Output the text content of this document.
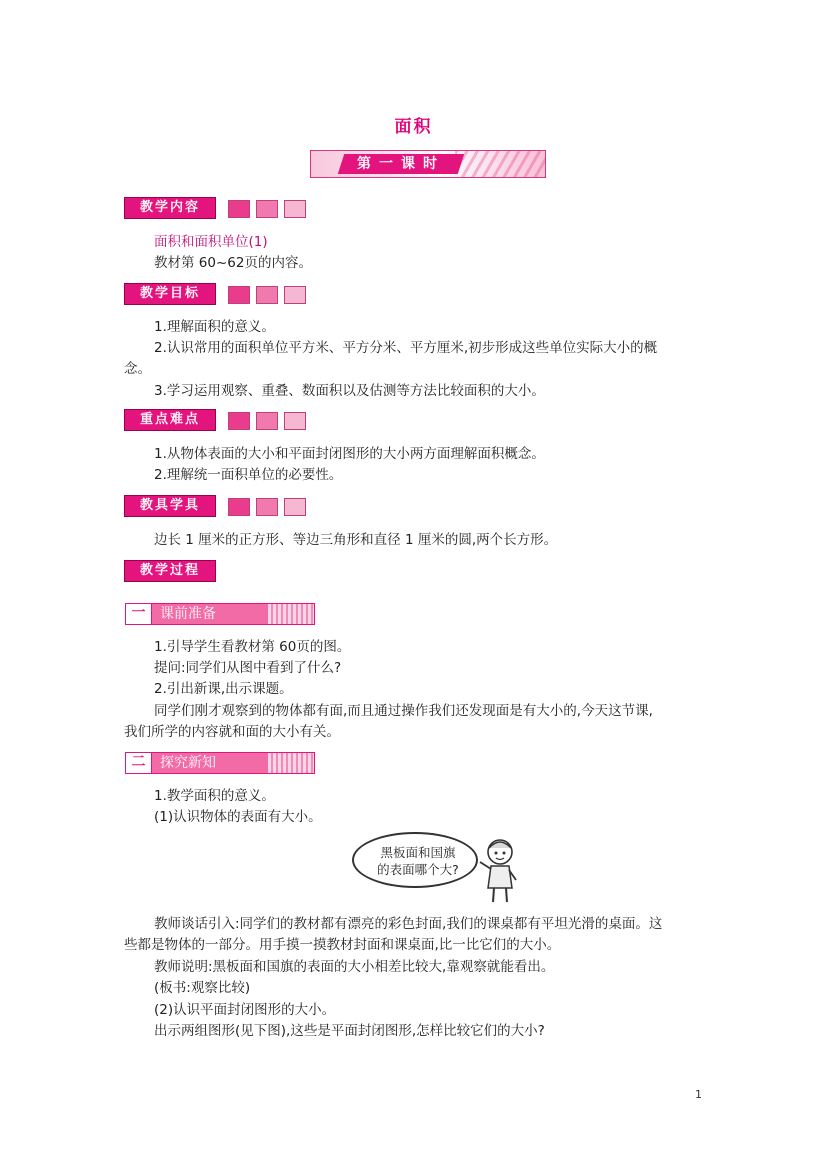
面积
第一课时
教学内容
面积和面积单位(1)
教材第 60~62页的内容。
教学目标
1.理解面积的意义。
2.认识常用的面积单位平方米、平方分米、平方厘米,初步形成这些单位实际大小的概
念。
3.学习运用观察、重叠、数面积以及估测等方法比较面积的大小。
重点难点
1.从物体表面的大小和平面封闭图形的大小两方面理解面积概念。
2.理解统一面积单位的必要性。
教具学具
边长 1 厘米的正方形、等边三角形和直径 1 厘米的圆,两个长方形。
教学过程
一	课前准备
1.引导学生看教材第 60页的图。
提问:同学们从图中看到了什么?
2.引出新课,出示课题。
同学们刚才观察到的物体都有面,而且通过操作我们还发现面是有大小的,今天这节课,
我们所学的内容就和面的大小有关。
二	探究新知
1.教学面积的意义。
(1)认识物体的表面有大小。
黑板面和国旗
的表面哪个大?
教师谈话引入:同学们的教材都有漂亮的彩色封面,我们的课桌都有平坦光滑的桌面。这
些都是物体的一部分。用手摸一摸教材封面和课桌面,比一比它们的大小。
教师说明:黑板面和国旗的表面的大小相差比较大,靠观察就能看出。
(板书:观察比较)
(2)认识平面封闭图形的大小。
出示两组图形(见下图),这些是平面封闭图形,怎样比较它们的大小?
1
